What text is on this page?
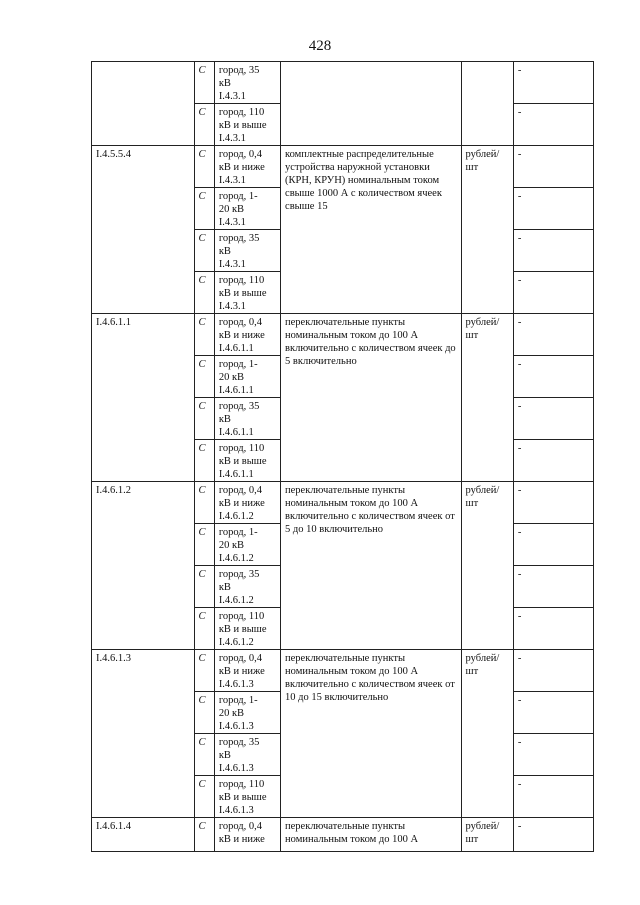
428
	С	город, 35
кВ
I.4.3.1			-
	С	город, 110
кВ и выше
I.4.3.1			-
I.4.5.5.4	С	город, 0,4
кВ и ниже
I.4.3.1	комплектные распределительные устройства наружной установки (КРН, КРУН) номинальным током свыше 1000 А с количеством ячеек свыше 15	рублей/
шт	-
	С	город, 1-
20 кВ
I.4.3.1			-
	С	город, 35
кВ
I.4.3.1			-
	С	город, 110
кВ и выше
I.4.3.1			-
I.4.6.1.1	С	город, 0,4
кВ и ниже
I.4.6.1.1	переключательные пункты номинальным током до 100 А включительно с количеством ячеек до 5 включительно	рублей/
шт	-
	С	город, 1-
20 кВ
I.4.6.1.1			-
	С	город, 35
кВ
I.4.6.1.1			-
	С	город, 110
кВ и выше
I.4.6.1.1			-
I.4.6.1.2	С	город, 0,4
кВ и ниже
I.4.6.1.2	переключательные пункты номинальным током до 100 А включительно с количеством ячеек от 5 до 10 включительно	рублей/
шт	-
	С	город, 1-
20 кВ
I.4.6.1.2			-
	С	город, 35
кВ
I.4.6.1.2			-
	С	город, 110
кВ и выше
I.4.6.1.2			-
I.4.6.1.3	С	город, 0,4
кВ и ниже
I.4.6.1.3	переключательные пункты номинальным током до 100 А включительно с количеством ячеек от 10 до 15 включительно	рублей/
шт	-
	С	город, 1-
20 кВ
I.4.6.1.3			-
	С	город, 35
кВ
I.4.6.1.3			-
	С	город, 110
кВ и выше
I.4.6.1.3			-
I.4.6.1.4	С	город, 0,4
кВ и ниже	переключательные пункты номинальным током до 100 А	рублей/
шт	-
